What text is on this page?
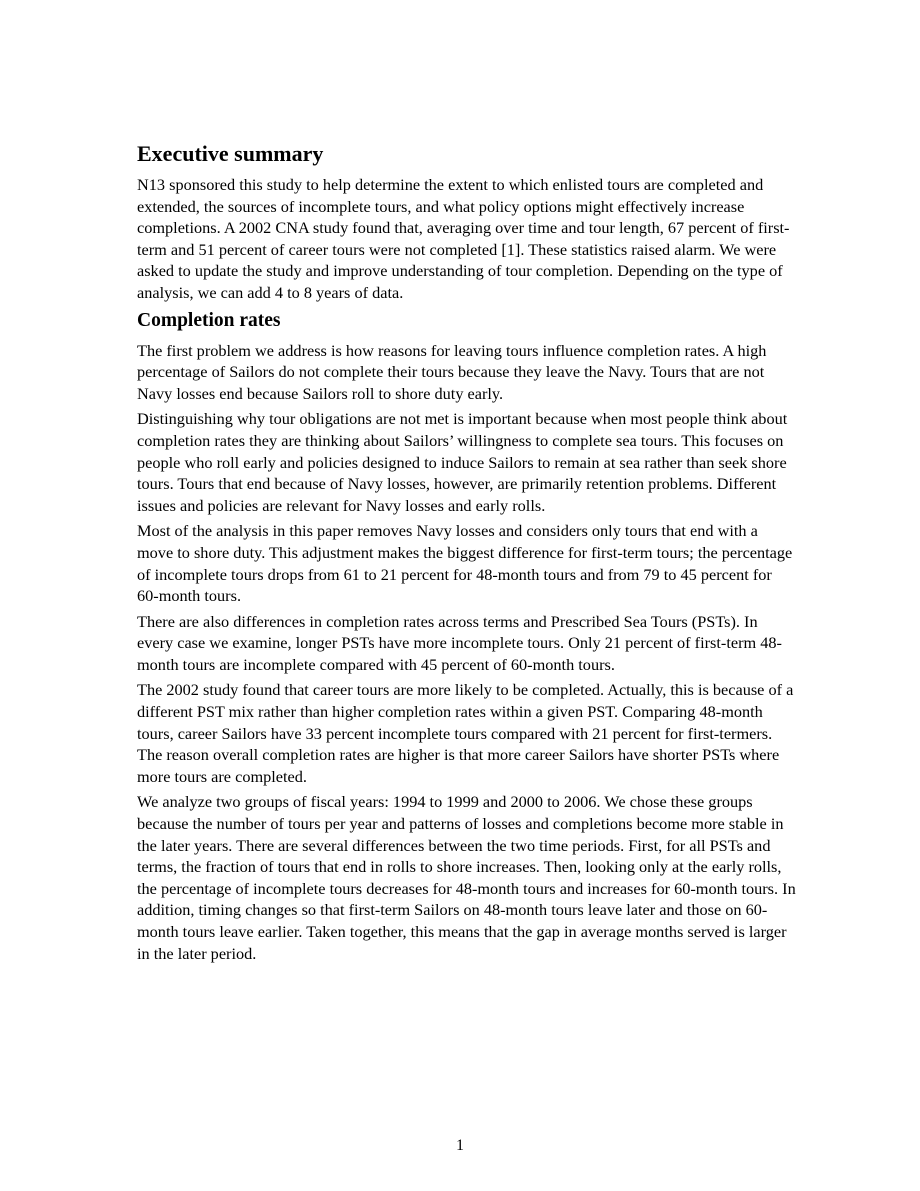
Executive summary

N13 sponsored this study to help determine the extent to which enlisted tours are completed and extended, the sources of incomplete tours, and what policy options might effectively increase completions. A 2002 CNA study found that, averaging over time and tour length, 67 percent of first-term and 51 percent of career tours were not completed [1]. These statistics raised alarm. We were asked to update the study and improve understanding of tour completion. Depending on the type of analysis, we can add 4 to 8 years of data.

Completion rates

The first problem we address is how reasons for leaving tours influence completion rates. A high percentage of Sailors do not complete their tours because they leave the Navy. Tours that are not Navy losses end because Sailors roll to shore duty early.

Distinguishing why tour obligations are not met is important because when most people think about completion rates they are thinking about Sailors’ willingness to complete sea tours. This focuses on people who roll early and policies designed to induce Sailors to remain at sea rather than seek shore tours. Tours that end because of Navy losses, however, are primarily retention problems. Different issues and policies are relevant for Navy losses and early rolls.

Most of the analysis in this paper removes Navy losses and considers only tours that end with a move to shore duty. This adjustment makes the biggest difference for first-term tours; the percentage of incomplete tours drops from 61 to 21 percent for 48-month tours and from 79 to 45 percent for 60-month tours.

There are also differences in completion rates across terms and Prescribed Sea Tours (PSTs). In every case we examine, longer PSTs have more incomplete tours. Only 21 percent of first-term 48-month tours are incomplete compared with 45 percent of 60-month tours.

The 2002 study found that career tours are more likely to be completed. Actually, this is because of a different PST mix rather than higher completion rates within a given PST. Comparing 48-month tours, career Sailors have 33 percent incomplete tours compared with 21 percent for first-termers. The reason overall completion rates are higher is that more career Sailors have shorter PSTs where more tours are completed.

We analyze two groups of fiscal years: 1994 to 1999 and 2000 to 2006. We chose these groups because the number of tours per year and patterns of losses and completions become more stable in the later years. There are several differences between the two time periods. First, for all PSTs and terms, the fraction of tours that end in rolls to shore increases. Then, looking only at the early rolls, the percentage of incomplete tours decreases for 48-month tours and increases for 60-month tours. In addition, timing changes so that first-term Sailors on 48-month tours leave later and those on 60-month tours leave earlier. Taken together, this means that the gap in average months served is larger in the later period.

1
